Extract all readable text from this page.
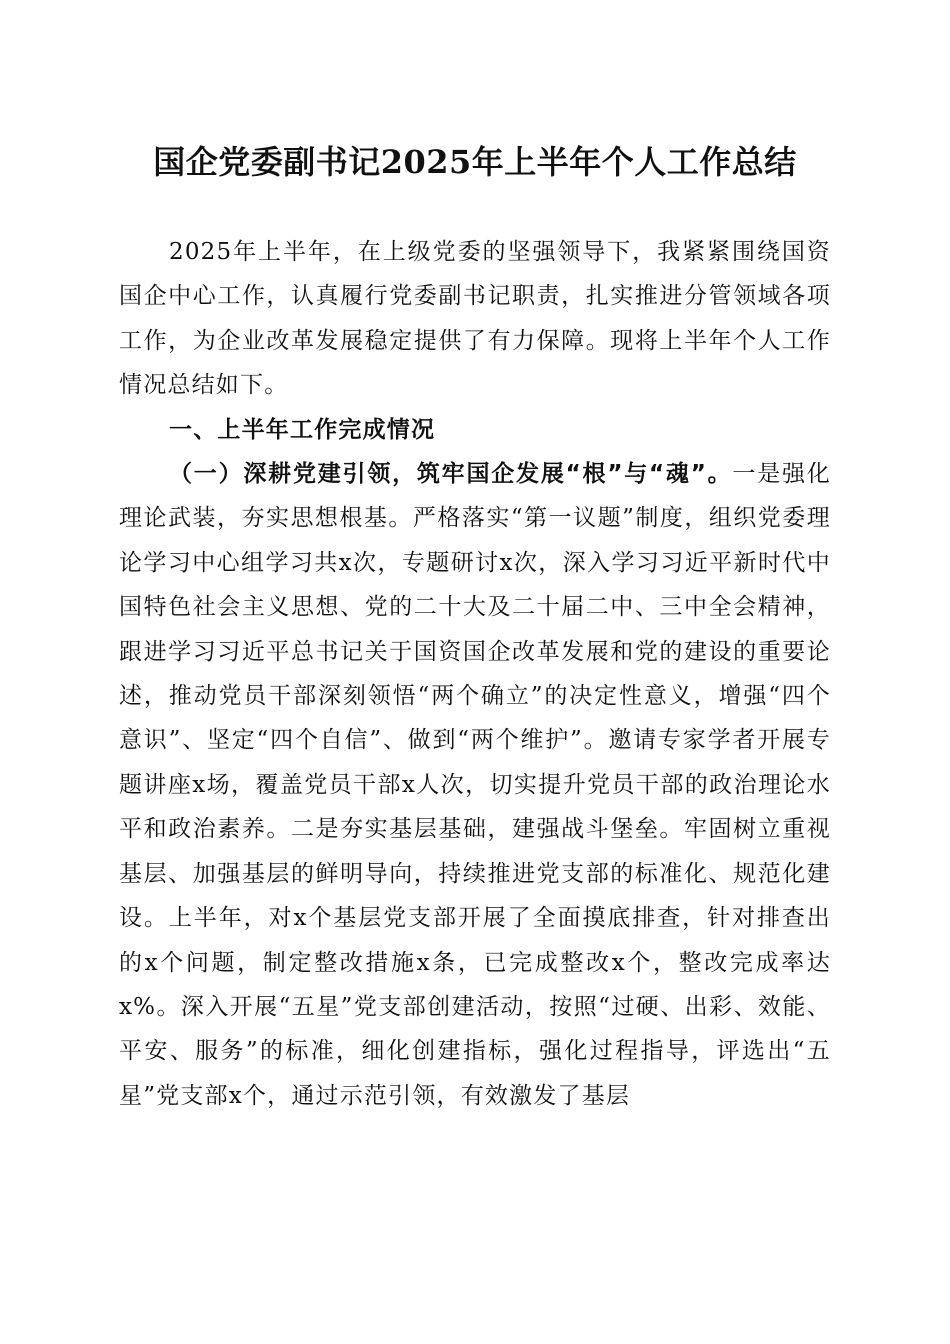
国企党委副书记2025年上半年个人工作总结

2025年上半年，在上级党委的坚强领导下，我紧紧围绕国资国企中心工作，认真履行党委副书记职责，扎实推进分管领域各项工作，为企业改革发展稳定提供了有力保障。现将上半年个人工作情况总结如下。

一、上半年工作完成情况

（一）深耕党建引领，筑牢国企发展“根”与“魂”。一是强化理论武装，夯实思想根基。严格落实“第一议题”制度，组织党委理论学习中心组学习共x次，专题研讨x次，深入学习习近平新时代中国特色社会主义思想、党的二十大及二十届二中、三中全会精神，跟进学习习近平总书记关于国资国企改革发展和党的建设的重要论述，推动党员干部深刻领悟“两个确立”的决定性意义，增强“四个意识”、坚定“四个自信”、做到“两个维护”。邀请专家学者开展专题讲座x场，覆盖党员干部x人次，切实提升党员干部的政治理论水平和政治素养。二是夯实基层基础，建强战斗堡垒。牢固树立重视基层、加强基层的鲜明导向，持续推进党支部的标准化、规范化建设。上半年，对x个基层党支部开展了全面摸底排查，针对排查出的x个问题，制定整改措施x条，已完成整改x个，整改完成率达x%。深入开展“五星”党支部创建活动，按照“过硬、出彩、效能、平安、服务”的标准，细化创建指标，强化过程指导，评选出“五星”党支部x个，通过示范引领，有效激发了基层
